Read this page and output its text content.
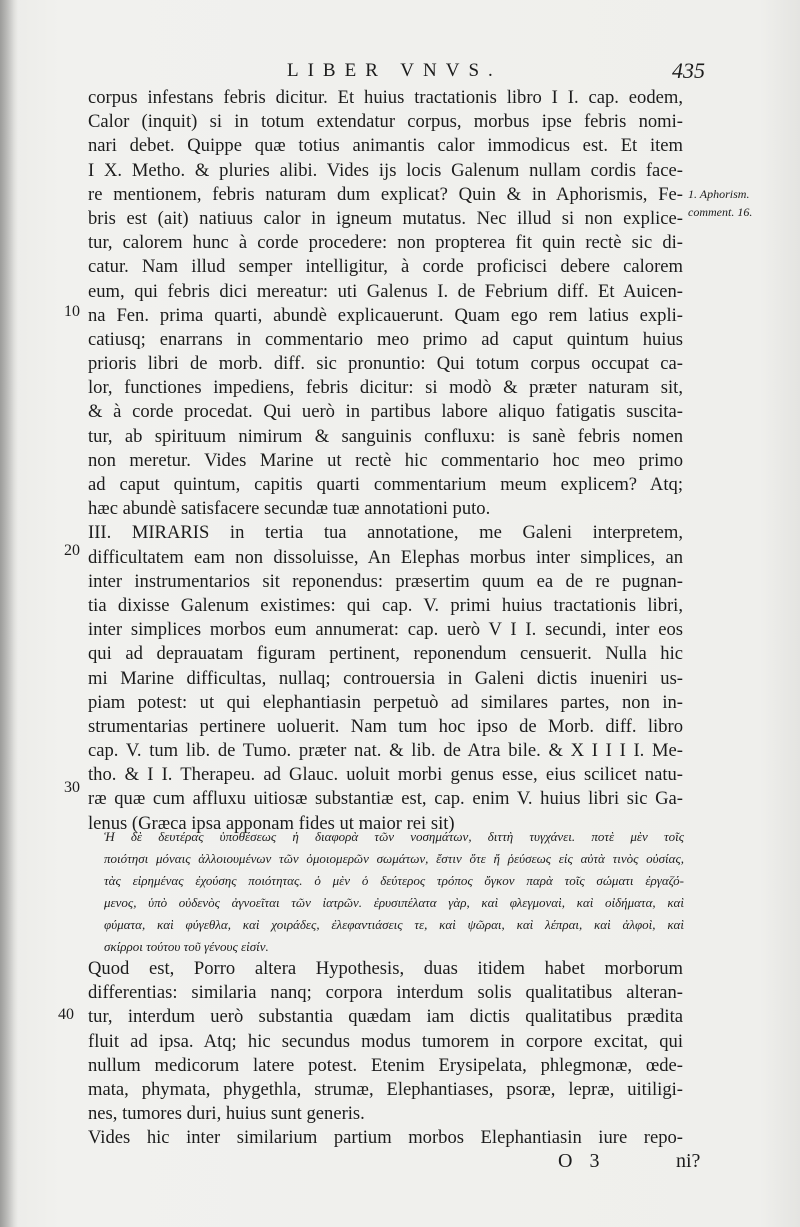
LIBER VNVS.	435
corpus infestans febris dicitur. Et huius tractationis libro I I. cap. eodem,
Calor (inquit) si in totum extendatur corpus, morbus ipse febris nomi-
nari debet. Quippe quæ totius animantis calor immodicus est. Et item
I X. Metho. & pluries alibi. Vides ijs locis Galenum nullam cordis face-
re mentionem, febris naturam dum explicat? Quin & in Aphorismis, Fe-
bris est (ait) natiuus calor in igneum mutatus. Nec illud si non explice-
tur, calorem hunc à corde procedere: non propterea fit quin rectè sic di-
catur. Nam illud semper intelligitur, à corde proficisci debere calorem
eum, qui febris dici mereatur: uti Galenus I. de Febrium diff. Et Auicen-
na Fen. prima quarti, abundè explicauerunt. Quam ego rem latius expli-
catiusq; enarrans in commentario meo primo ad caput quintum huius
prioris libri de morb. diff. sic pronuntio: Qui totum corpus occupat ca-
lor, functiones impediens, febris dicitur: si modò & præter naturam sit,
& à corde procedat. Qui uerò in partibus labore aliquo fatigatis suscita-
tur, ab spirituum nimirum & sanguinis confluxu: is sanè febris nomen
non meretur. Vides Marine ut rectè hic commentario hoc meo primo
ad caput quintum, capitis quarti commentarium meum explicem? Atq;
hæc abundè satisfacere secundæ tuæ annotationi puto.
III. MIRARIS in tertia tua annotatione, me Galeni interpretem,
difficultatem eam non dissoluisse, An Elephas morbus inter simplices, an
inter instrumentarios sit reponendus: præsertim quum ea de re pugnan-
tia dixisse Galenum existimes: qui cap. V. primi huius tractationis libri,
inter simplices morbos eum annumerat: cap. uerò V I I. secundi, inter eos
qui ad deprauatam figuram pertinent, reponendum censuerit. Nulla hic
mi Marine difficultas, nullaq; controuersia in Galeni dictis inueniri us-
piam potest: ut qui elephantiasin perpetuò ad similares partes, non in-
strumentarias pertinere uoluerit. Nam tum hoc ipso de Morb. diff. libro
cap. V. tum lib. de Tumo. præter nat. & lib. de Atra bile. & X I I I I. Me-
tho. & I I. Therapeu. ad Glauc. uoluit morbi genus esse, eius scilicet natu-
ræ quæ cum affluxu uitiosæ substantiæ est, cap. enim V. huius libri sic Ga-
lenus (Græca ipsa apponam fides ut maior rei sit)
Ἡ δὲ δευτέρας ὑποθέσεως ἡ διαφορὰ τῶν νοσημάτων, διττὴ τυγχάνει. ποτὲ μὲν τοῖς
ποιότησι μόναις ἀλλοιουμένων τῶν ὁμοιομερῶν σωμάτων, ἔστιν ὅτε ἤ ῥεύσεως εἰς αὐτὰ τινὸς οὐσίας,
τὰς εἰρημένας ἐχούσης ποιότητας. ὁ μὲν ὁ δεύτερος τρόπος ὄγκον παρὰ τοῖς σώματι ἐργαζό-
μενος, ὑπὸ οὐδενὸς ἀγνοεῖται τῶν ἰατρῶν. ἐρυσιπέλατα γὰρ, καὶ φλεγμοναὶ, καὶ οἰδήματα, καὶ
φύματα, καὶ φύγεθλα, καὶ χοιράδες, ἐλεφαντιάσεις τε, καὶ ψῶραι, καὶ λέπραι, καὶ ἀλφοὶ, καὶ
σκίρροι τούτου τοῦ γένους εἰσίν.
Quod est, Porro altera Hypothesis, duas itidem habet morborum
differentias: similaria nanq; corpora interdum solis qualitatibus alteran-
tur, interdum uerò substantia quædam iam dictis qualitatibus prædita
fluit ad ipsa. Atq; hic secundus modus tumorem in corpore excitat, qui
nullum medicorum latere potest. Etenim Erysipelata, phlegmonæ, œde-
mata, phymata, phygethla, strumæ, Elephantiases, psoræ, lepræ, uitiligi-
nes, tumores duri, huius sunt generis.
Vides hic inter similarium partium morbos Elephantiasin iure repo-
10
20
30
40
1. Aphorism.
comment. 16.
O 3	ni?
